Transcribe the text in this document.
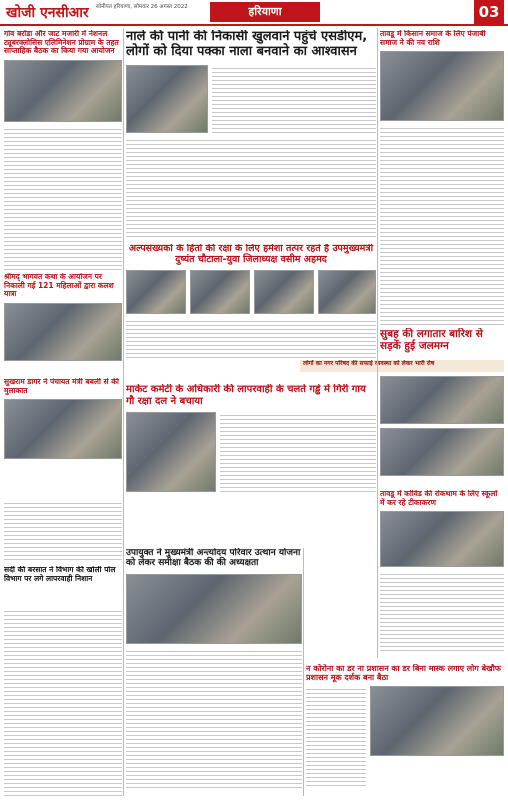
खोजी एनसीआर सोनीपत हरियाणा, सोमवार 26 अगस्त 2022	हरियाणा	03
गांव बरोंडा और जाट मजारी में नेशनल ट्यूबरक्लोसिस एलिमिनेशन प्रोग्राम के तहत साप्ताहिक बैठक का किया गया आयोजन
नाले की पानी की निकासी खुलवाने पहुंचे एसडीएम, लोगों को दिया पक्का नाला बनवाने का आश्वासन
तावडू में किसान समाज के लिए पंजाबी समाज ने की नव राशि
श्रीमद् भागवत कथा के आयोजन पर निकाली गई 121 महिलाओं द्वारा कलश यात्रा
अल्पसंख्यकों के हितों की रक्षा के लिए हमेशा तत्पर रहते हैं उपमुख्यमंत्री दुष्यंत चौटाला-युवा जिलाध्यक्ष वसीम अहमद
सुबह की लगातार बारिश से सड़कें हुई जलमग्न
लोगों का नगर परिषद की सफाई व्यवस्था को लेकर भारी रोष
सुखराम डागर ने पंचायत मंत्री बबली से की मुलाकात	मार्केट कमेटी के अधिकारी की लापरवाही के चलते गड्ढे में गिरी गाय गौ रक्षा दल ने बचाया
तावडू में कोविड की रोकथाम के लिए स्कूलों में कर रहे टीकाकरण
सर्दी की बरसात ने विभाग की खोली पोल विभाग पर लगे लापरवाही निशान
उपायुक्त ने मुख्यमंत्री अन्त्योदय परिवार उत्थान योजना को लेकर समीक्षा बैठक की की अध्यक्षता
न कोरोना का डर ना प्रशासन का डर बिना मास्क लगाए लोग बेखौफ प्रशासन मूक दर्शक बना बैठा
